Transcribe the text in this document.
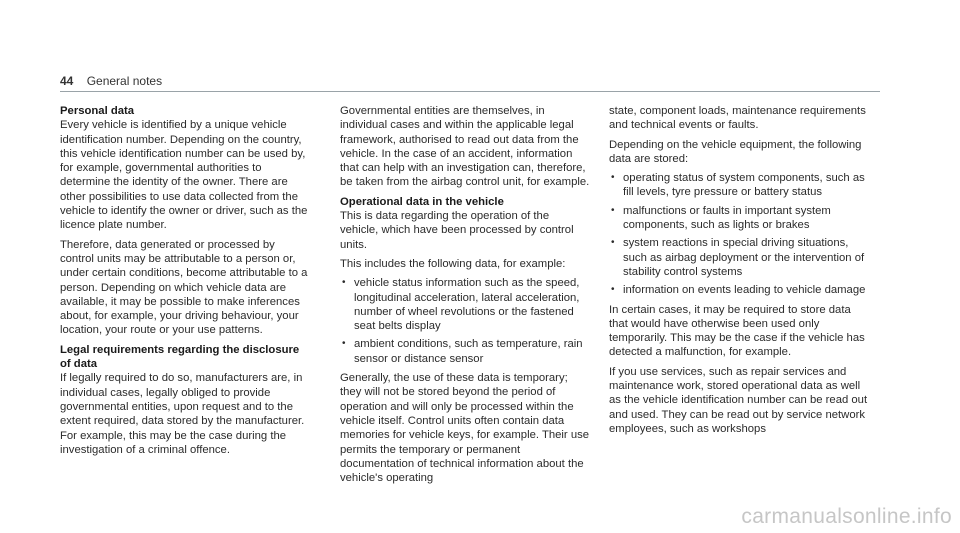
44 General notes
Personal data

Every vehicle is identified by a unique vehicle identification number. Depending on the country, this vehicle identification number can be used by, for example, governmental authorities to determine the identity of the owner. There are other possibilities to use data collected from the vehicle to identify the owner or driver, such as the licence plate number.

Therefore, data generated or processed by control units may be attributable to a person or, under certain conditions, become attributable to a person. Depending on which vehicle data are available, it may be possible to make inferences about, for example, your driving behaviour, your location, your route or your use patterns.

Legal requirements regarding the disclosure of data

If legally required to do so, manufacturers are, in individual cases, legally obliged to provide governmental entities, upon request and to the extent required, data stored by the manufacturer. For example, this may be the case during the investigation of a criminal offence.

Governmental entities are themselves, in individual cases and within the applicable legal framework, authorised to read out data from the vehicle. In the case of an accident, information that can help with an investigation can, therefore, be taken from the airbag control unit, for example.

Operational data in the vehicle

This is data regarding the operation of the vehicle, which have been processed by control units.

This includes the following data, for example:

• vehicle status information such as the speed, longitudinal acceleration, lateral acceleration, number of wheel revolutions or the fastened seat belts display
• ambient conditions, such as temperature, rain sensor or distance sensor

Generally, the use of these data is temporary; they will not be stored beyond the period of operation and will only be processed within the vehicle itself. Control units often contain data memories for vehicle keys, for example. Their use permits the temporary or permanent documentation of technical information about the vehicle's operating

state, component loads, maintenance requirements and technical events or faults.

Depending on the vehicle equipment, the following data are stored:

• operating status of system components, such as fill levels, tyre pressure or battery status
• malfunctions or faults in important system components, such as lights or brakes
• system reactions in special driving situations, such as airbag deployment or the intervention of stability control systems
• information on events leading to vehicle damage

In certain cases, it may be required to store data that would have otherwise been used only temporarily. This may be the case if the vehicle has detected a malfunction, for example.

If you use services, such as repair services and maintenance work, stored operational data as well as the vehicle identification number can be read out and used. They can be read out by service network employees, such as workshops

carmanualsonline.info
